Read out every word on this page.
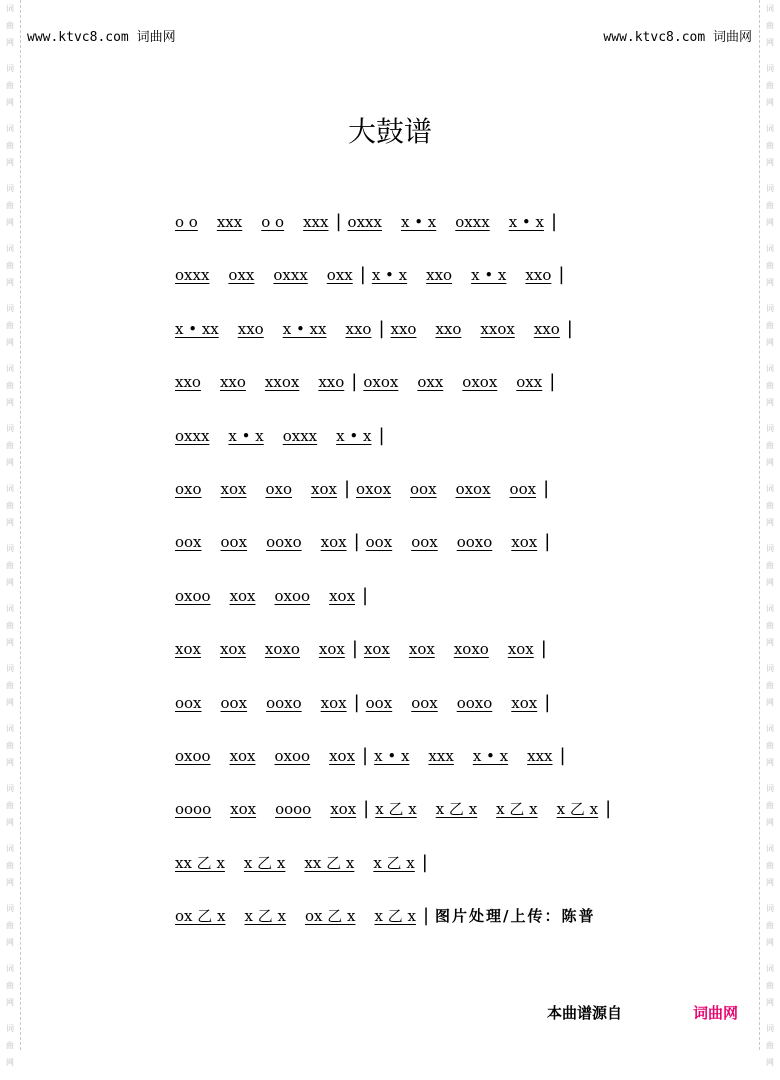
词
曲
网
词
曲
网
词
曲
网
词
曲
网
词
曲
网
词
曲
网
词
曲
网
词
曲
网
词
曲
网
词
曲
网
词
曲
网
词
曲
网
词
曲
网
词
曲
网
词
曲
网
词
曲
网
词
曲
网
词
曲
网
词
曲
网
词
曲
网
词
曲
网
词
曲
网
词
曲
网
词
曲
网
词
曲
网
词
曲
网
词
曲
网
词
曲
网
词
曲
网
词
曲
网
词
曲
网
词
曲
网
词
曲
网
词
曲
网
词
曲
网
词
曲
网
www.ktvc8.com 词曲网	www.ktvc8.com 词曲网
大鼓谱
o o xxx o o xxx | oxxx x • x oxxx x • x |
oxxx oxx oxxx oxx | x • x xxo x • x xxo |
x • xx xxo x • xx xxo | xxo xxo xxox xxo |
xxo xxo xxox xxo | oxox oxx oxox oxx |
oxxx x • x oxxx x • x |
oxo xox oxo xox | oxox oox oxox oox |
oox oox ooxo xox | oox oox ooxo xox |
oxoo xox oxoo xox |
xox xox xoxo xox | xox xox xoxo xox |
oox oox ooxo xox | oox oox ooxo xox |
oxoo xox oxoo xox | x • x xxx x • x xxx |
oooo xox oooo xox | x 乙 x x 乙 x x 乙 x x 乙 x |
xx 乙 x x 乙 x xx 乙 x x 乙 x |
ox 乙 x x 乙 x ox 乙 x x 乙 x | 图片处理/上传：陈普
本曲谱源自	词曲网
